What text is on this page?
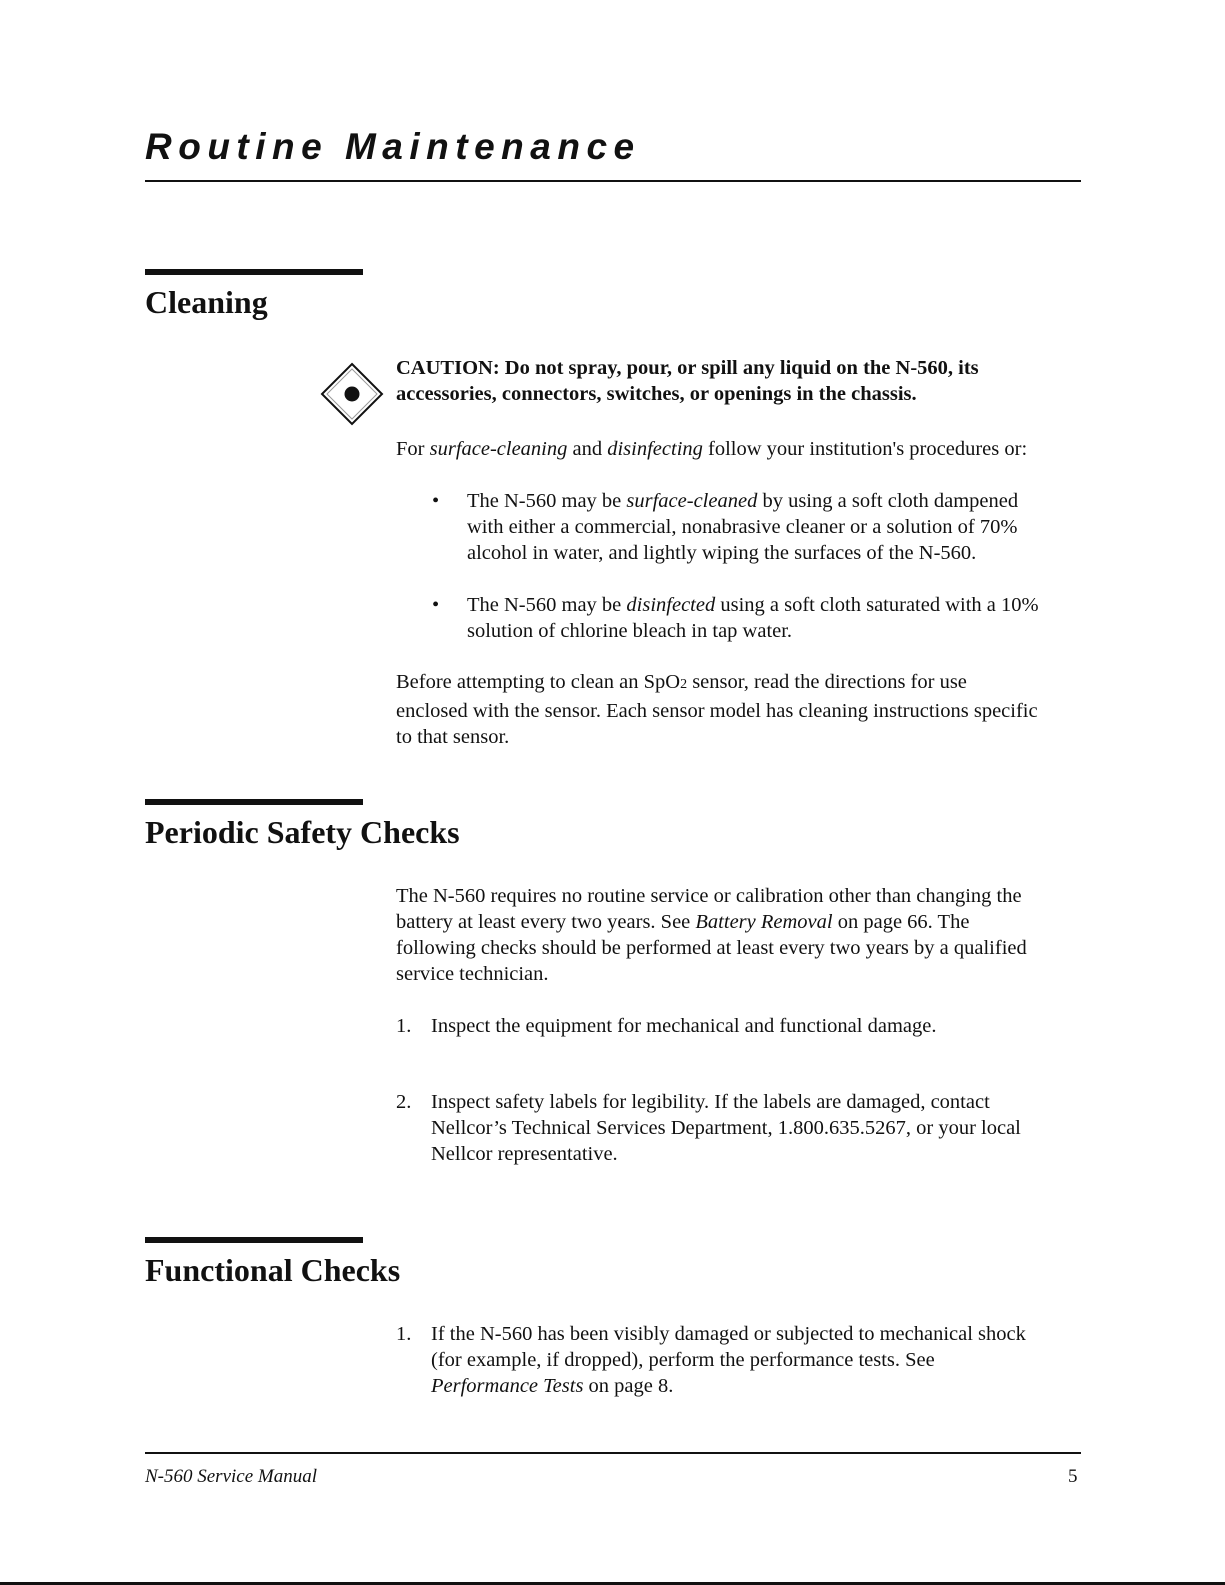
Routine Maintenance
Cleaning
CAUTION: Do not spray, pour, or spill any liquid on the N-560, its
accessories, connectors, switches, or openings in the chassis.
For surface-cleaning and disinfecting follow your institution's procedures or:
•	The N-560 may be surface-cleaned by using a soft cloth dampened
with either a commercial, nonabrasive cleaner or a solution of 70%
alcohol in water, and lightly wiping the surfaces of the N-560.
•	The N-560 may be disinfected using a soft cloth saturated with a 10%
solution of chlorine bleach in tap water.
Before attempting to clean an SpO2 sensor, read the directions for use
enclosed with the sensor. Each sensor model has cleaning instructions specific
to that sensor.
Periodic Safety Checks
The N-560 requires no routine service or calibration other than changing the
battery at least every two years. See Battery Removal on page 66. The
following checks should be performed at least every two years by a qualified
service technician.
1. Inspect the equipment for mechanical and functional damage.
2. Inspect safety labels for legibility. If the labels are damaged, contact
Nellcor’s Technical Services Department, 1.800.635.5267, or your local
Nellcor representative.
Functional Checks
1. If the N-560 has been visibly damaged or subjected to mechanical shock
(for example, if dropped), perform the performance tests. See
Performance Tests on page 8.
N-560 Service Manual	5
